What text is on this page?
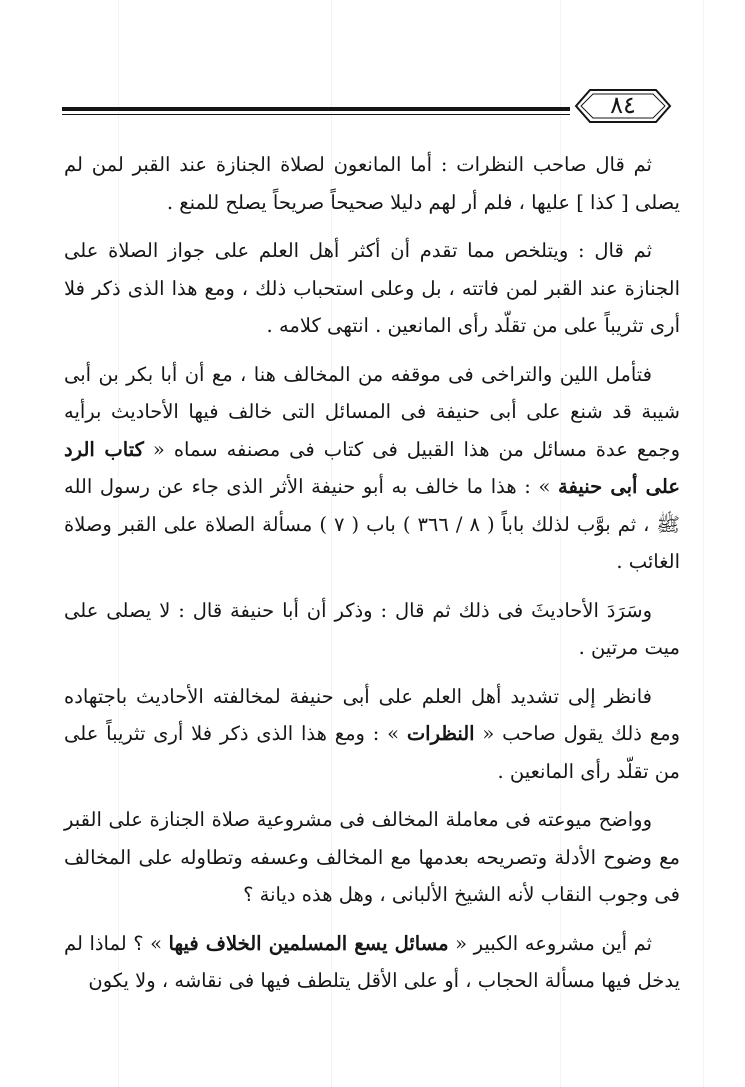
٨٤

ثم قال صاحب النظرات : أما المانعون لصلاة الجنازة عند القبر لمن لم يصلى [ كذا ] عليها ، فلم أر لهم دليلا صحيحاً صريحاً يصلح للمنع .

ثم قال : ويتلخص مما تقدم أن أكثر أهل العلم على جواز الصلاة على الجنازة عند القبر لمن فاتته ، بل وعلى استحباب ذلك ، ومع هذا الذى ذكر فلا أرى تثريباً على من تقلّد رأى المانعين . انتهى كلامه .

فتأمل اللين والتراخى فى موقفه من المخالف هنا ، مع أن أبا بكر بن أبى شيبة قد شنع على أبى حنيفة فى المسائل التى خالف فيها الأحاديث برأيه وجمع عدة مسائل من هذا القبيل فى كتاب فى مصنفه سماه « كتاب الرد على أبى حنيفة » : هذا ما خالف به أبو حنيفة الأثر الذى جاء عن رسول الله ﷺ ، ثم بوَّب لذلك باباً ( ٨ / ٣٦٦ ) باب ( ٧ ) مسألة الصلاة على القبر وصلاة الغائب .

وسَرَدَ الأحاديثَ فى ذلك ثم قال : وذكر أن أبا حنيفة قال : لا يصلى على ميت مرتين .

فانظر إلى تشديد أهل العلم على أبى حنيفة لمخالفته الأحاديث باجتهاده ومع ذلك يقول صاحب « النظرات » : ومع هذا الذى ذكر فلا أرى تثريباً على من تقلّد رأى المانعين .

وواضح ميوعته فى معاملة المخالف فى مشروعية صلاة الجنازة على القبر مع وضوح الأدلة وتصريحه بعدمها مع المخالف وعسفه وتطاوله على المخالف فى وجوب النقاب لأنه الشيخ الألبانى ، وهل هذه ديانة ؟

ثم أين مشروعه الكبير « مسائل يسع المسلمين الخلاف فيها » ؟ لماذا لم يدخل فيها مسألة الحجاب ، أو على الأقل يتلطف فيها فى نقاشه ، ولا يكون
